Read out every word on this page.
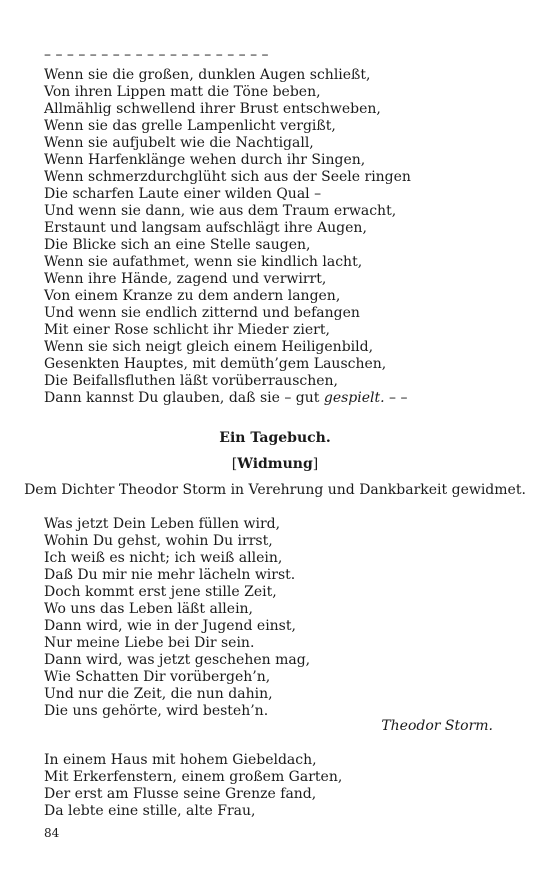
– – – – – – – – – – – – – – – – – – – –
Wenn sie die großen, dunklen Augen schließt,
Von ihren Lippen matt die Töne beben,
Allmählig schwellend ihrer Brust entschweben,
Wenn sie das grelle Lampenlicht vergißt,
Wenn sie aufjubelt wie die Nachtigall,
Wenn Harfenklänge wehen durch ihr Singen,
Wenn schmerzdurchglüht sich aus der Seele ringen
Die scharfen Laute einer wilden Qual –
Und wenn sie dann, wie aus dem Traum erwacht,
Erstaunt und langsam aufschlägt ihre Augen,
Die Blicke sich an eine Stelle saugen,
Wenn sie aufathmet, wenn sie kindlich lacht,
Wenn ihre Hände, zagend und verwirrt,
Von einem Kranze zu dem andern langen,
Und wenn sie endlich zitternd und befangen
Mit einer Rose schlicht ihr Mieder ziert,
Wenn sie sich neigt gleich einem Heiligenbild,
Gesenkten Hauptes, mit demüth’gem Lauschen,
Die Beifallsfluthen läßt vorüberrauschen,
Dann kannst Du glauben, daß sie – gut gespielt. – –
Ein Tagebuch.
[Widmung]
Dem Dichter Theodor Storm in Verehrung und Dankbarkeit gewidmet.
Was jetzt Dein Leben füllen wird,
Wohin Du gehst, wohin Du irrst,
Ich weiß es nicht; ich weiß allein,
Daß Du mir nie mehr lächeln wirst.
Doch kommt erst jene stille Zeit,
Wo uns das Leben läßt allein,
Dann wird, wie in der Jugend einst,
Nur meine Liebe bei Dir sein.
Dann wird, was jetzt geschehen mag,
Wie Schatten Dir vorübergeh’n,
Und nur die Zeit, die nun dahin,
Die uns gehörte, wird besteh’n.
Theodor Storm.
In einem Haus mit hohem Giebeldach,
Mit Erkerfenstern, einem großem Garten,
Der erst am Flusse seine Grenze fand,
Da lebte eine stille, alte Frau,
84
